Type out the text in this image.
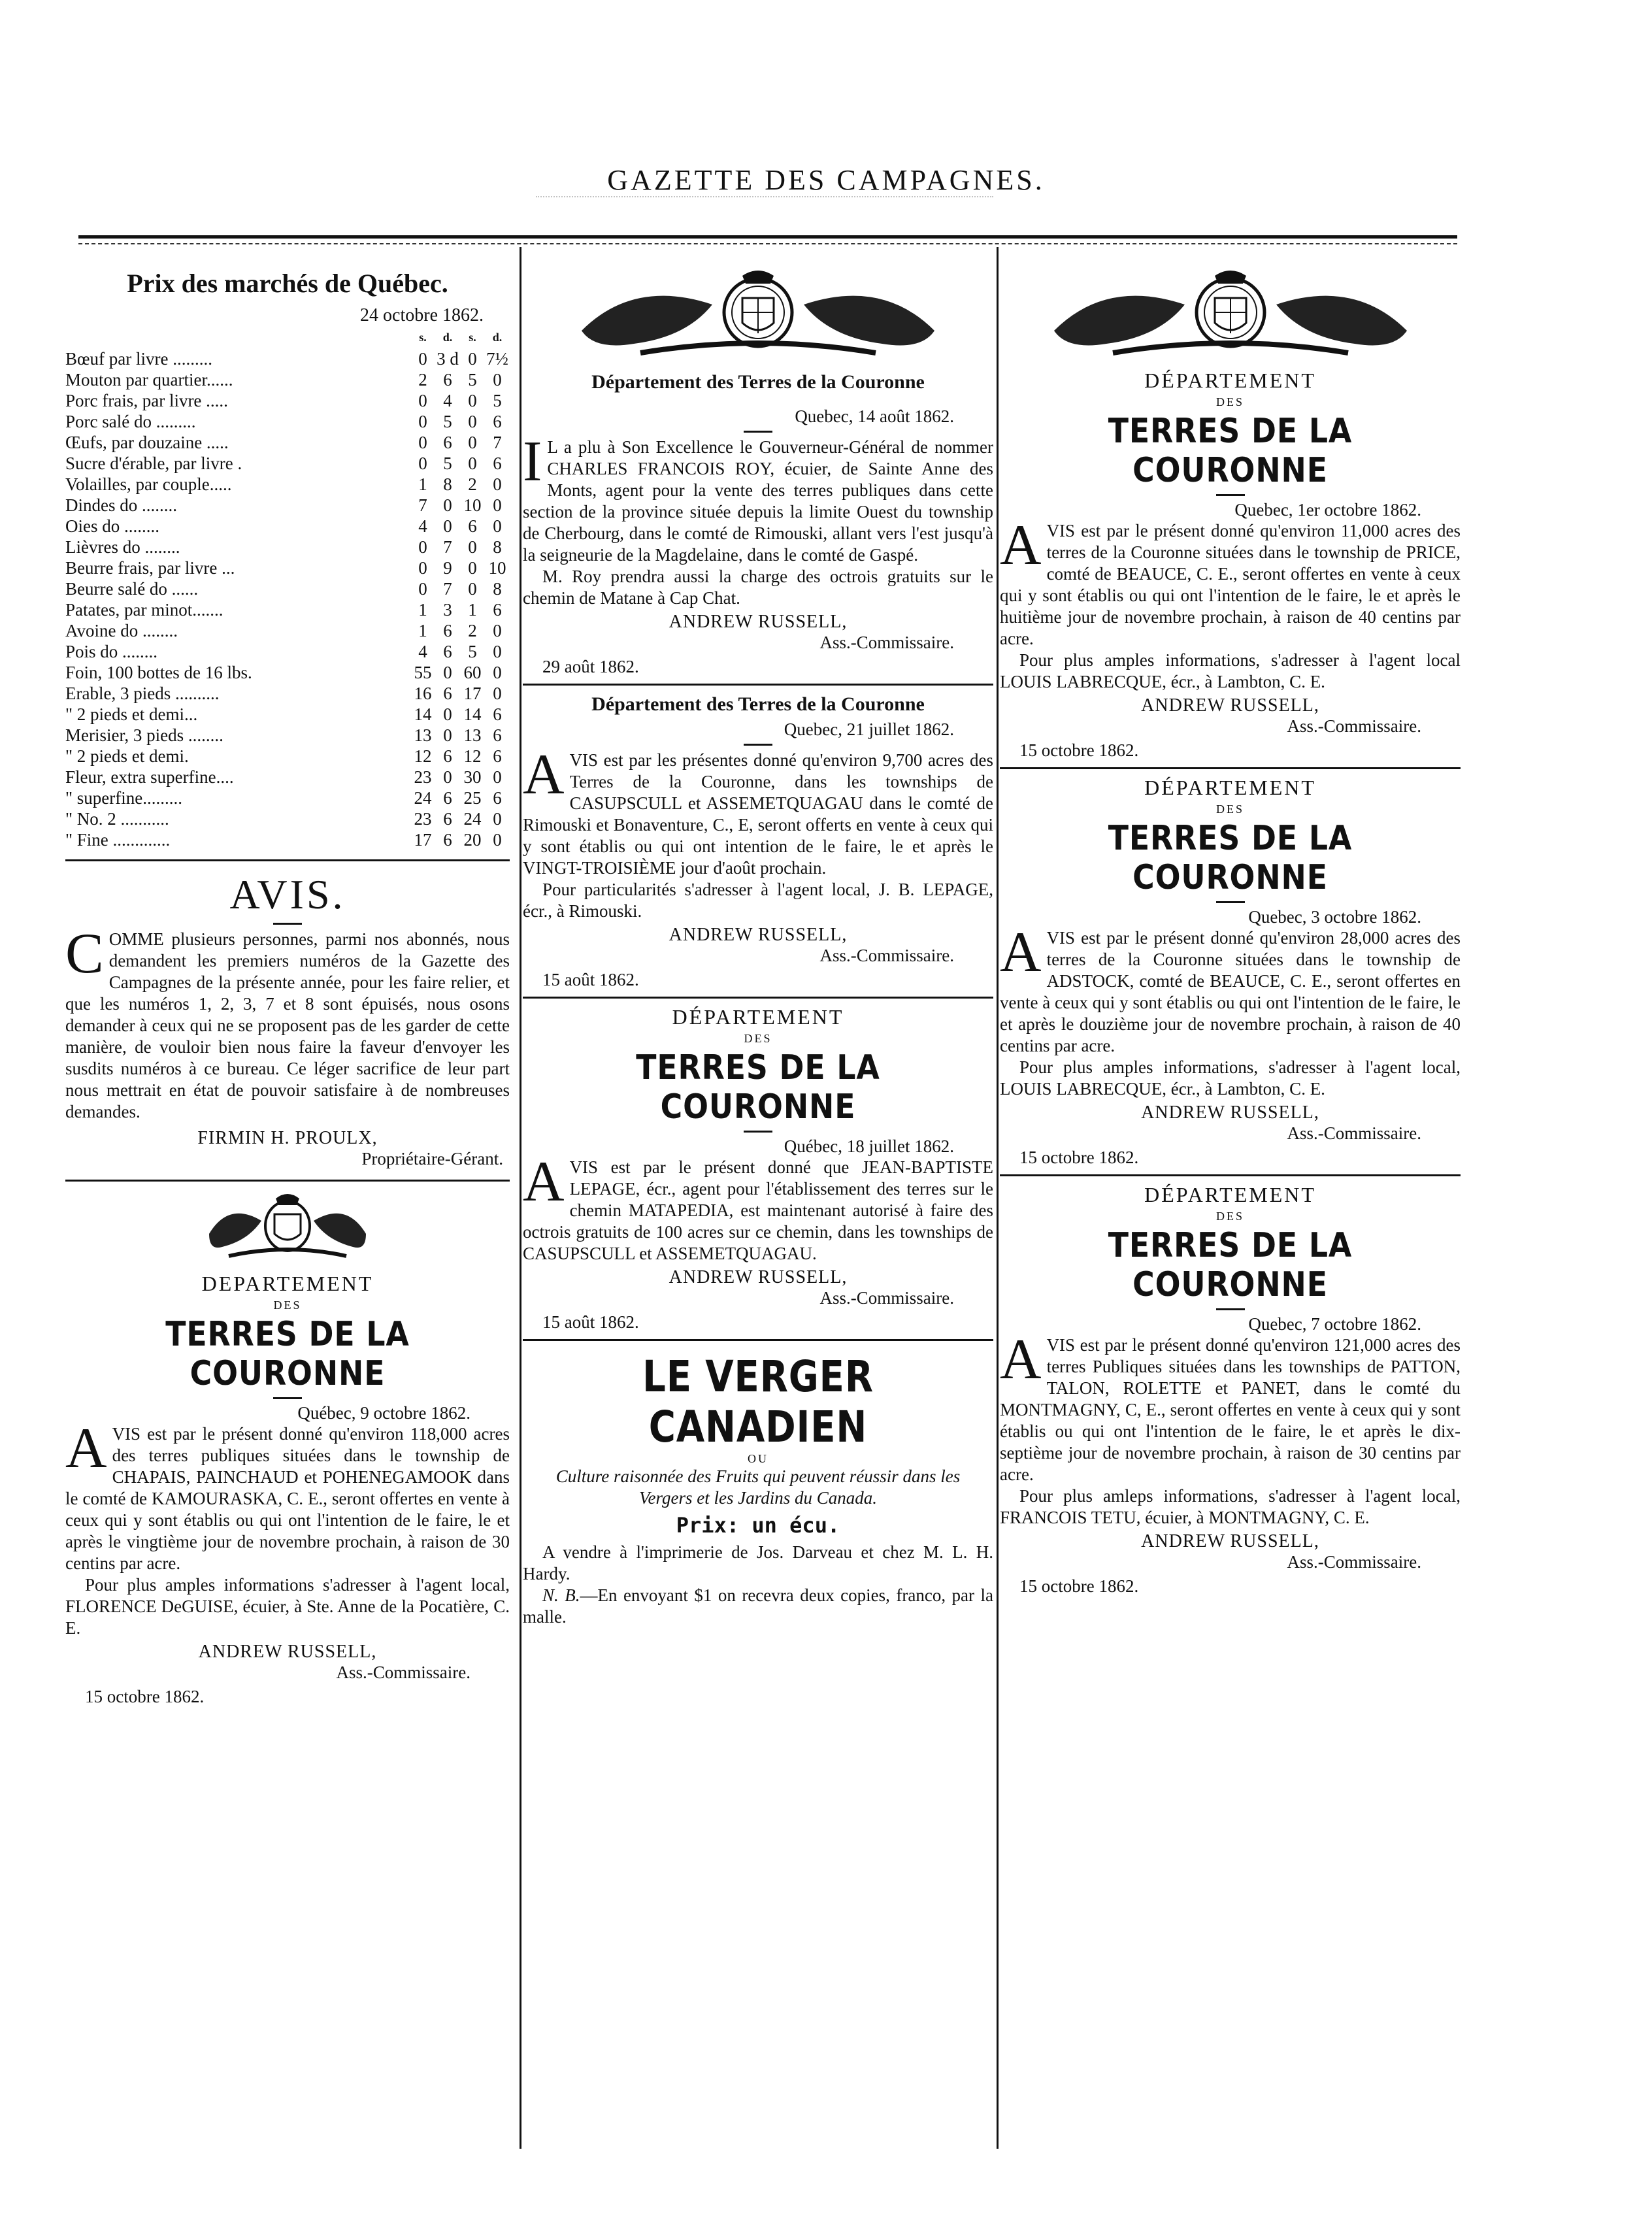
GAZETTE DES CAMPAGNES.
Prix des marchés de Québec.
24 octobre 1862.
	s.	d.	s.	d.
Bœuf par livre .........	0	3 d	0	7½
Mouton par quartier......	2	6	5	0
Porc frais, par livre .....	0	4	0	5
Porc salé do .........	0	5	0	6
Œufs, par douzaine .....	0	6	0	7
Sucre d'érable, par livre .	0	5	0	6
Volailles, par couple.....	1	8	2	0
Dindes do ........	7	0	10	0
Oies do ........	4	0	6	0
Lièvres do ........	0	7	0	8
Beurre frais, par livre ...	0	9	0	10
Beurre salé do ......	0	7	0	8
Patates, par minot.......	1	3	1	6
Avoine do ........	1	6	2	0
Pois do ........	4	6	5	0
Foin, 100 bottes de 16 lbs.	55	0	60	0
Erable, 3 pieds ..........	16	6	17	0
" 2 pieds et demi...	14	0	14	6
Merisier, 3 pieds ........	13	0	13	6
" 2 pieds et demi.	12	6	12	6
Fleur, extra superfine....	23	0	30	0
" superfine.........	24	6	25	6
" No. 2 ...........	23	6	24	0
" Fine .............	17	6	20	0
AVIS.
COMME plusieurs personnes, parmi nos abonnés, nous demandent les premiers numéros de la Gazette des Campagnes de la présente année, pour les faire relier, et que les numéros 1, 2, 3, 7 et 8 sont épuisés, nous osons demander à ceux qui ne se proposent pas de les garder de cette manière, de vouloir bien nous faire la faveur d'envoyer les susdits numéros à ce bureau. Ce léger sacrifice de leur part nous mettrait en état de pouvoir satisfaire à de nombreuses demandes.
FIRMIN H. PROULX,
Propriétaire-Gérant.
DEPARTEMENT
DES
TERRES DE LA COURONNE
Québec, 9 octobre 1862.
AVIS est par le présent donné qu'environ 118,000 acres des terres publiques situées dans le township de CHAPAIS, PAINCHAUD et POHENEGAMOOK dans le comté de KAMOURASKA, C. E., seront offertes en vente à ceux qui y sont établis ou qui ont l'intention de le faire, le et après le vingtième jour de novembre prochain, à raison de 30 centins par acre.
Pour plus amples informations s'adresser à l'agent local, FLORENCE DeGUISE, écuier, à Ste. Anne de la Pocatière, C. E.
ANDREW RUSSELL,
Ass.-Commissaire.
15 octobre 1862.
Département des Terres de la Couronne
Quebec, 14 août 1862.
I L a plu à Son Excellence le Gouverneur-Général de nommer CHARLES FRANCOIS ROY, écuier, de Sainte Anne des Monts, agent pour la vente des terres publiques dans cette section de la province située depuis la limite Ouest du township de Cherbourg, dans le comté de Rimouski, allant vers l'est jusqu'à la seigneurie de la Magdelaine, dans le comté de Gaspé.
M. Roy prendra aussi la charge des octrois gratuits sur le chemin de Matane à Cap Chat.
ANDREW RUSSELL,
Ass.-Commissaire.
29 août 1862.
Département des Terres de la Couronne
Quebec, 21 juillet 1862.
AVIS est par les présentes donné qu'environ 9,700 acres des Terres de la Couronne, dans les townships de CASUPSCULL et ASSEMETQUAGAU dans le comté de Rimouski et Bonaventure, C., E, seront offerts en vente à ceux qui y sont établis ou qui ont intention de le faire, le et après le VINGT-TROISIÈME jour d'août prochain.
Pour particularités s'adresser à l'agent local, J. B. LEPAGE, écr., à Rimouski.
ANDREW RUSSELL,
Ass.-Commissaire.
15 août 1862.
DÉPARTEMENT
DES
TERRES DE LA COURONNE
Québec, 18 juillet 1862.
AVIS est par le présent donné que JEAN-BAPTISTE LEPAGE, écr., agent pour l'établissement des terres sur le chemin MATAPEDIA, est maintenant autorisé à faire des octrois gratuits de 100 acres sur ce chemin, dans les townships de CASUPSCULL et ASSEMETQUAGAU.
ANDREW RUSSELL,
Ass.-Commissaire.
15 août 1862.
LE VERGER CANADIEN
OU
Culture raisonnée des Fruits qui peuvent réussir dans les Vergers et les Jardins du Canada.
Prix: un écu.
A vendre à l'imprimerie de Jos. Darveau et chez M. L. H. Hardy.
N. B.—En envoyant $1 on recevra deux copies, franco, par la malle.
DÉPARTEMENT
DES
TERRES DE LA COURONNE
Quebec, 1er octobre 1862.
AVIS est par le présent donné qu'environ 11,000 acres des terres de la Couronne situées dans le township de PRICE, comté de BEAUCE, C. E., seront offertes en vente à ceux qui y sont établis ou qui ont l'intention de le faire, le et après le huitième jour de novembre prochain, à raison de 40 centins par acre.
Pour plus amples informations, s'adresser à l'agent local LOUIS LABRECQUE, écr., à Lambton, C. E.
ANDREW RUSSELL,
Ass.-Commissaire.
15 octobre 1862.
DÉPARTEMENT
DES
TERRES DE LA COURONNE
Quebec, 3 octobre 1862.
AVIS est par le présent donné qu'environ 28,000 acres des terres de la Couronne situées dans le township de ADSTOCK, comté de BEAUCE, C. E., seront offertes en vente à ceux qui y sont établis ou qui ont l'intention de le faire, le et après le douzième jour de novembre prochain, à raison de 40 centins par acre.
Pour plus amples informations, s'adresser à l'agent local, LOUIS LABRECQUE, écr., à Lambton, C. E.
ANDREW RUSSELL,
Ass.-Commissaire.
15 octobre 1862.
DÉPARTEMENT
DES
TERRES DE LA COURONNE
Quebec, 7 octobre 1862.
AVIS est par le présent donné qu'environ 121,000 acres des terres Publiques situées dans les townships de PATTON, TALON, ROLETTE et PANET, dans le comté du MONTMAGNY, C, E., seront offertes en vente à ceux qui y sont établis ou qui ont l'intention de le faire, le et après le dix-septième jour de novembre prochain, à raison de 30 centins par acre.
Pour plus amleps informations, s'adresser à l'agent local, FRANCOIS TETU, écuier, à MONTMAGNY, C. E.
ANDREW RUSSELL,
Ass.-Commissaire.
15 octobre 1862.
